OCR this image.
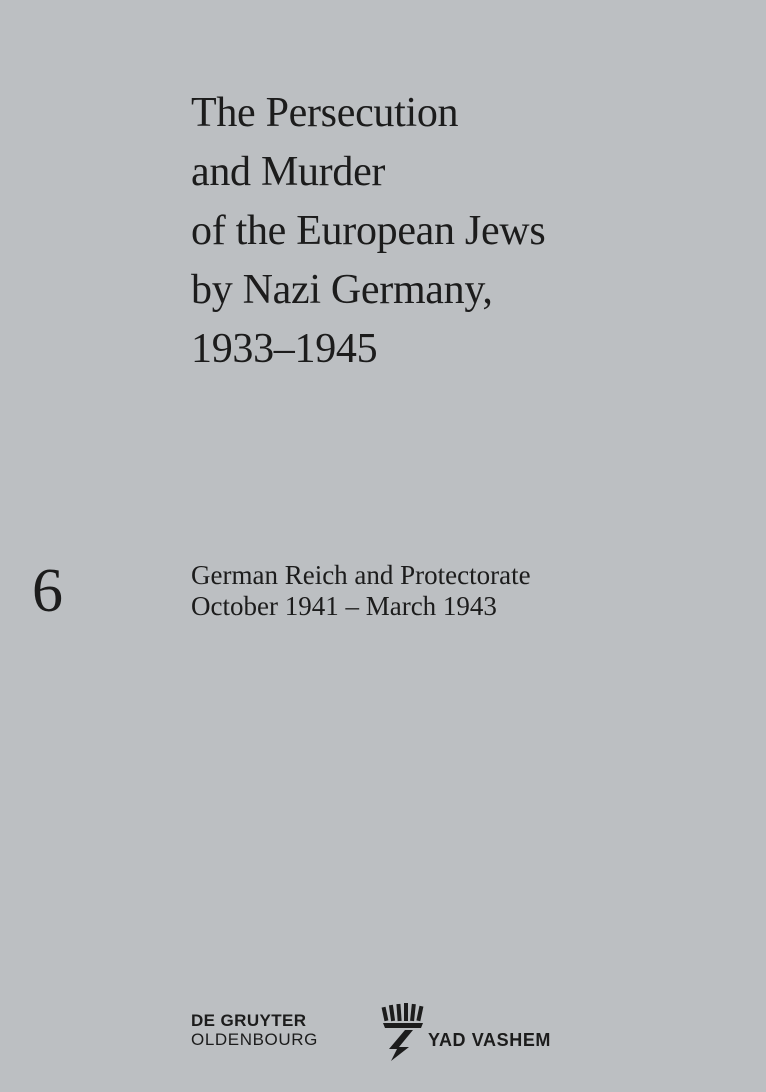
The Persecution
and Murder
of the European Jews
by Nazi Germany,
1933–1945
6	German Reich and Protectorate
October 1941 – March 1943
DE GRUYTER
OLDENBOURG	YAD VASHEM
